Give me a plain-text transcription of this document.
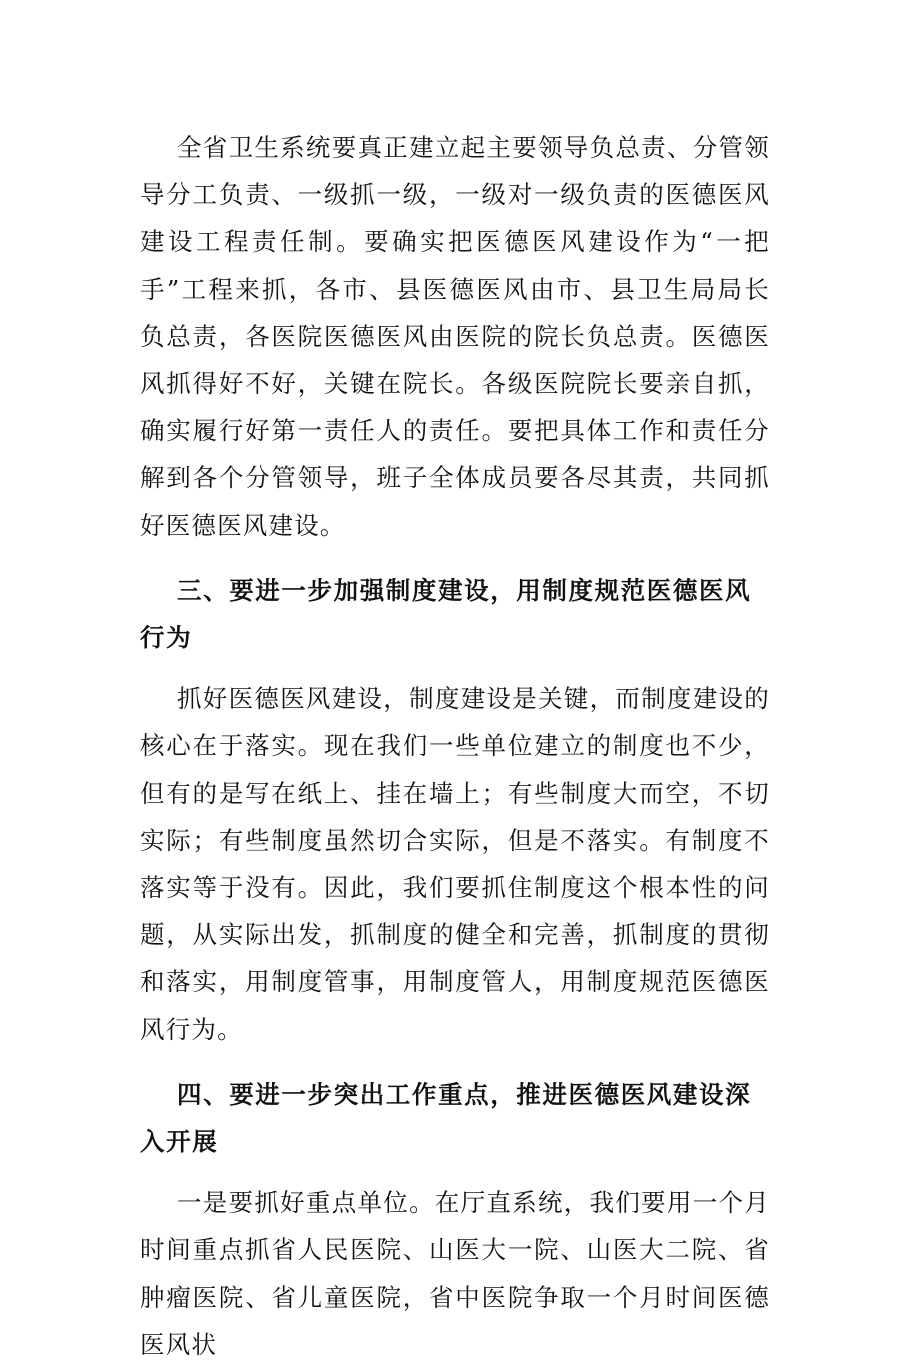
全省卫生系统要真正建立起主要领导负总责、分管领导分工负责、一级抓一级，一级对一级负责的医德医风建设工程责任制。要确实把医德医风建设作为“一把手”工程来抓，各市、县医德医风由市、县卫生局局长负总责，各医院医德医风由医院的院长负总责。医德医风抓得好不好，关键在院长。各级医院院长要亲自抓，确实履行好第一责任人的责任。要把具体工作和责任分解到各个分管领导，班子全体成员要各尽其责，共同抓好医德医风建设。

三、要进一步加强制度建设，用制度规范医德医风行为

抓好医德医风建设，制度建设是关键，而制度建设的核心在于落实。现在我们一些单位建立的制度也不少，但有的是写在纸上、挂在墙上；有些制度大而空，不切实际；有些制度虽然切合实际，但是不落实。有制度不落实等于没有。因此，我们要抓住制度这个根本性的问题，从实际出发，抓制度的健全和完善，抓制度的贯彻和落实，用制度管事，用制度管人，用制度规范医德医风行为。

四、要进一步突出工作重点，推进医德医风建设深入开展

一是要抓好重点单位。在厅直系统，我们要用一个月时间重点抓省人民医院、山医大一院、山医大二院、省肿瘤医院、省儿童医院，省中医院争取一个月时间医德医风状
